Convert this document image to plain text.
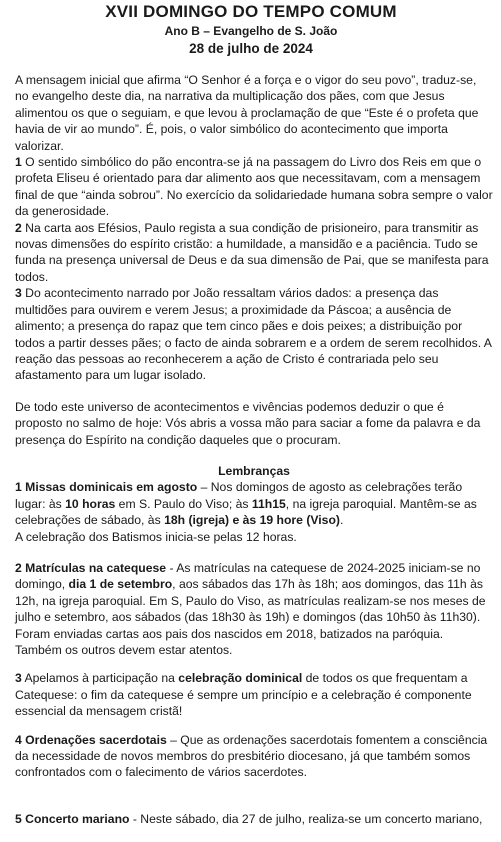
XVII DOMINGO DO TEMPO COMUM
Ano B – Evangelho de S. João
28 de julho de 2024

A mensagem inicial que afirma “O Senhor é a força e o vigor do seu povo”, traduz-se, no evangelho deste dia, na narrativa da multiplicação dos pães, com que Jesus alimentou os que o seguiam, e que levou à proclamação de que “Este é o profeta que havia de vir ao mundo”. É, pois, o valor simbólico do acontecimento que importa valorizar.

1 O sentido simbólico do pão encontra-se já na passagem do Livro dos Reis em que o profeta Eliseu é orientado para dar alimento aos que necessitavam, com a mensagem final de que “ainda sobrou”. No exercício da solidariedade humana sobra sempre o valor da generosidade.

2 Na carta aos Efésios, Paulo regista a sua condição de prisioneiro, para transmitir as novas dimensões do espírito cristão: a humildade, a mansidão e a paciência. Tudo se funda na presença universal de Deus e da sua dimensão de Pai, que se manifesta para todos.

3 Do acontecimento narrado por João ressaltam vários dados: a presença das multidões para ouvirem e verem Jesus; a proximidade da Páscoa; a ausência de alimento; a presença do rapaz que tem cinco pães e dois peixes; a distribuição por todos a partir desses pães; o facto de ainda sobrarem e a ordem de serem recolhidos. A reação das pessoas ao reconhecerem a ação de Cristo é contrariada pelo seu afastamento para um lugar isolado.

De todo este universo de acontecimentos e vivências podemos deduzir o que é proposto no salmo de hoje: Vós abris a vossa mão para saciar a fome da palavra e da presença do Espírito na condição daqueles que o procuram.

Lembranças

1 Missas dominicais em agosto – Nos domingos de agosto as celebrações terão lugar: às 10 horas em S. Paulo do Viso; às 11h15, na igreja paroquial. Mantêm-se as celebrações de sábado, às 18h (igreja) e às 19 hore (Viso).

A celebração dos Batismos inicia-se pelas 12 horas.

2 Matrículas na catequese - As matrículas na catequese de 2024-2025 iniciam-se no domingo, dia 1 de setembro, aos sábados das 17h às 18h; aos domingos, das 11h às 12h, na igreja paroquial. Em S, Paulo do Viso, as matrículas realizam-se nos meses de julho e setembro, aos sábados (das 18h30 às 19h) e domingos (das 10h50 às 11h30). Foram enviadas cartas aos pais dos nascidos em 2018, batizados na paróquia. Também os outros devem estar atentos.

3 Apelamos à participação na celebração dominical de todos os que frequentam a Catequese: o fim da catequese é sempre um princípio e a celebração é componente essencial da mensagem cristã!

4 Ordenações sacerdotais – Que as ordenações sacerdotais fomentem a consciência da necessidade de novos membros do presbitério diocesano, já que também somos confrontados com o falecimento de vários sacerdotes.

5 Concerto mariano - Neste sábado, dia 27 de julho, realiza-se um concerto mariano,
